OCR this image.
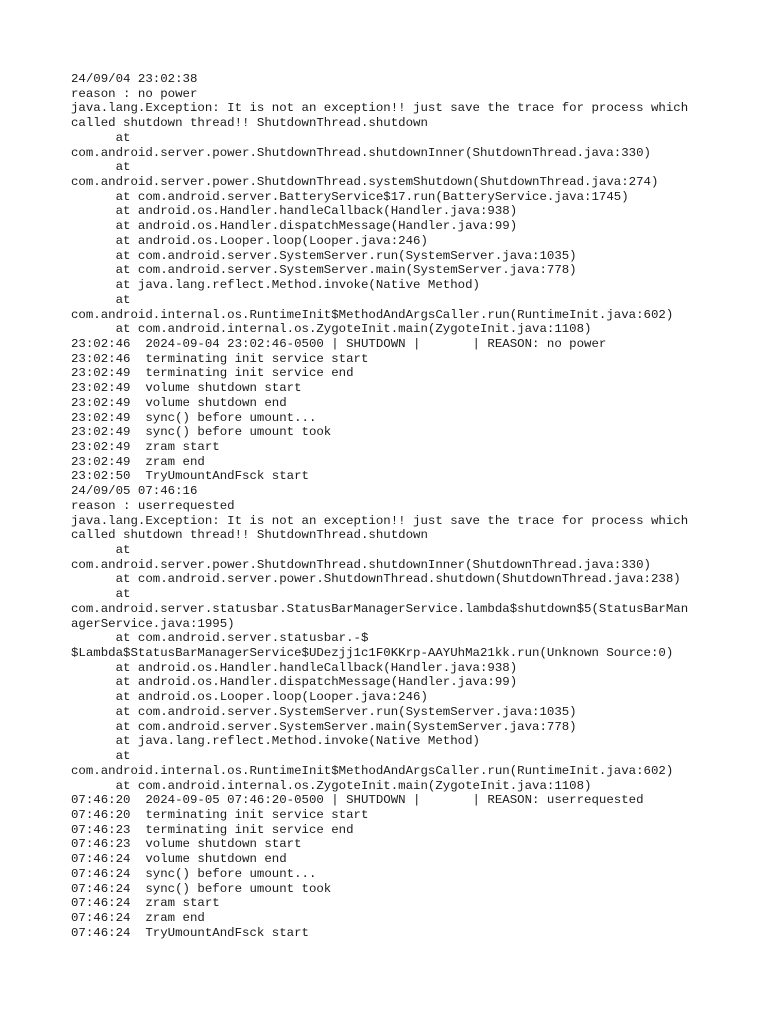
24/09/04 23:02:38
reason : no power
java.lang.Exception: It is not an exception!! just save the trace for process which
called shutdown thread!! ShutdownThread.shutdown
at
com.android.server.power.ShutdownThread.shutdownInner(ShutdownThread.java:330)
at
com.android.server.power.ShutdownThread.systemShutdown(ShutdownThread.java:274)
at com.android.server.BatteryService$17.run(BatteryService.java:1745)
at android.os.Handler.handleCallback(Handler.java:938)
at android.os.Handler.dispatchMessage(Handler.java:99)
at android.os.Looper.loop(Looper.java:246)
at com.android.server.SystemServer.run(SystemServer.java:1035)
at com.android.server.SystemServer.main(SystemServer.java:778)
at java.lang.reflect.Method.invoke(Native Method)
at
com.android.internal.os.RuntimeInit$MethodAndArgsCaller.run(RuntimeInit.java:602)
at com.android.internal.os.ZygoteInit.main(ZygoteInit.java:1108)
23:02:46  2024-09-04 23:02:46-0500 | SHUTDOWN |       | REASON: no power
23:02:46  terminating init service start
23:02:49  terminating init service end
23:02:49  volume shutdown start
23:02:49  volume shutdown end
23:02:49  sync() before umount...
23:02:49  sync() before umount took
23:02:49  zram start
23:02:49  zram end
23:02:50  TryUmountAndFsck start
24/09/05 07:46:16
reason : userrequested
java.lang.Exception: It is not an exception!! just save the trace for process which
called shutdown thread!! ShutdownThread.shutdown
at
com.android.server.power.ShutdownThread.shutdownInner(ShutdownThread.java:330)
at com.android.server.power.ShutdownThread.shutdown(ShutdownThread.java:238)
at
com.android.server.statusbar.StatusBarManagerService.lambda$shutdown$5(StatusBarMan
agerService.java:1995)
at com.android.server.statusbar.-$
$Lambda$StatusBarManagerService$UDezjj1c1F0KKrp-AAYUhMa21kk.run(Unknown Source:0)
at android.os.Handler.handleCallback(Handler.java:938)
at android.os.Handler.dispatchMessage(Handler.java:99)
at android.os.Looper.loop(Looper.java:246)
at com.android.server.SystemServer.run(SystemServer.java:1035)
at com.android.server.SystemServer.main(SystemServer.java:778)
at java.lang.reflect.Method.invoke(Native Method)
at
com.android.internal.os.RuntimeInit$MethodAndArgsCaller.run(RuntimeInit.java:602)
at com.android.internal.os.ZygoteInit.main(ZygoteInit.java:1108)
07:46:20  2024-09-05 07:46:20-0500 | SHUTDOWN |       | REASON: userrequested
07:46:20  terminating init service start
07:46:23  terminating init service end
07:46:23  volume shutdown start
07:46:24  volume shutdown end
07:46:24  sync() before umount...
07:46:24  sync() before umount took
07:46:24  zram start
07:46:24  zram end
07:46:24  TryUmountAndFsck start
